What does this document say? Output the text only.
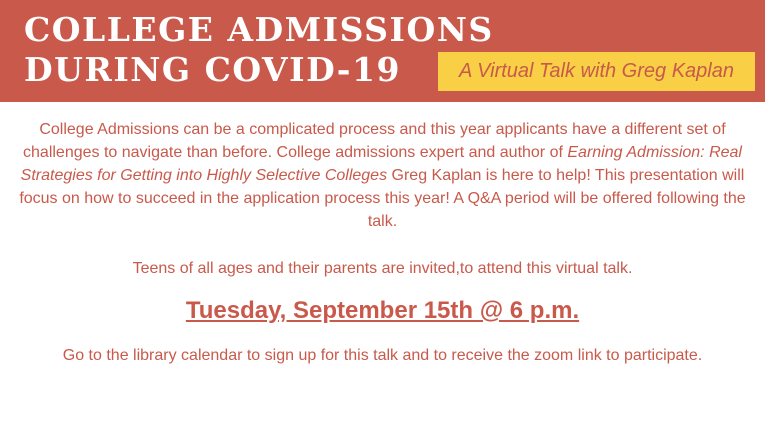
COLLEGE ADMISSIONS DURING COVID-19	A Virtual Talk with Greg Kaplan

College Admissions can be a complicated process and this year applicants have a different set of challenges to navigate than before. College admissions expert and author of Earning Admission: Real Strategies for Getting into Highly Selective Colleges Greg Kaplan is here to help! This presentation will focus on how to succeed in the application process this year! A Q&A period will be offered following the talk.

Teens of all ages and their parents are invited,to attend this virtual talk.

Tuesday, September 15th @ 6 p.m.

Go to the library calendar to sign up for this talk and to receive the zoom link to participate.
